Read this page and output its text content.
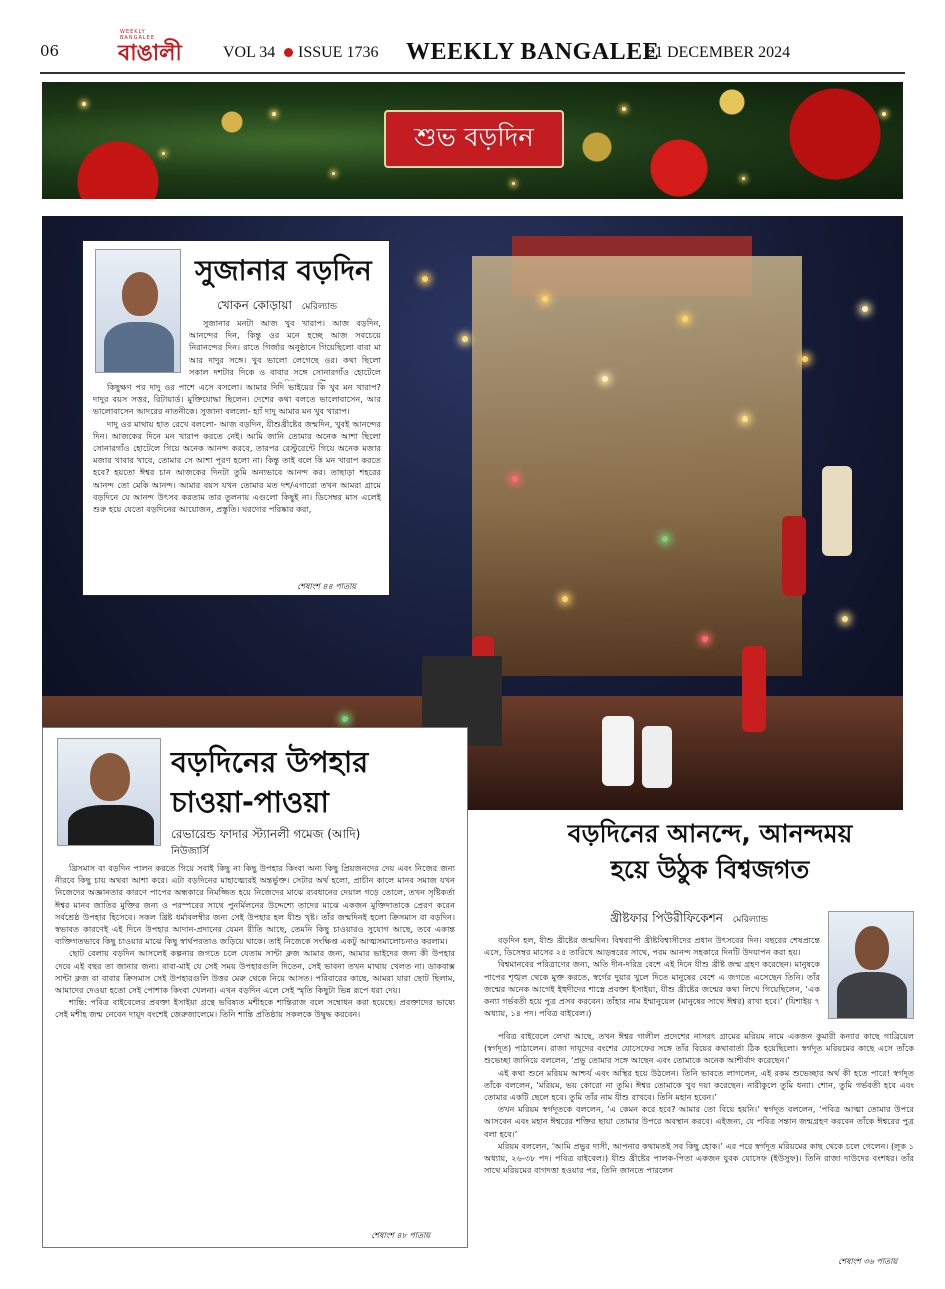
06
WEEKLY BANGALEE
বাঙালী	VOL 34 ISSUE 1736 WEEKLY BANGALEE
21 DECEMBER 2024
শুভ বড়দিন
সুজানার বড়দিন
খোকন কোড়ায়া মেরিল্যান্ড

সুজানার মনটা আজ খুব খারাপ। আজ বড়দিন, আনন্দের দিন, কিন্তু ওর মনে হচ্ছে আজ সবচেয়ে নিরানন্দের দিন। রাতে গির্জার অনুষ্ঠানে গিয়েছিলো বাবা মা আর দাদুর সঙ্গে। খুব ভালো লেগেছে ওর। কথা ছিলো সকাল দশটার দিকে ও বাবার সঙ্গে সোনারগাঁও হোটেলে

কিছুক্ষণ পর দাদু ওর পাশে এসে বসলো। আমার দিদি ভাইয়ের কি খুব মন খারাপ? দাদুর বয়স সত্তর, রিটায়ার্ড। মুক্তিযোদ্ধা ছিলেন। দেশের কথা বলতে ভালোবাসেন, আর ভালোবাসেন আদরের নাতনীকে। সুজানা বললো- হ্যাঁ দাদু আমার মন খুব খারাপ।

দাদু ওর মাথায় হাত রেখে বললো- আজ বড়দিন, যীশুখ্রীষ্টের জন্মদিন, খুবই আনন্দের দিন। আজকের দিনে মন খারাপ করতে নেই। আমি জানি তোমার অনেক আশা ছিলো সোনারগাঁও হোটেলে গিয়ে অনেক আনন্দ করবে, তারপর রেস্টুরেন্টে গিয়ে অনেক মজার মজার খাবার খাবে, তোমার সে আশা পূরণ হলো না। কিন্তু তাই বলে কি মন খারাপ করতে হবে? হয়তো ঈশ্বর চান আজকের দিনটা তুমি অন্যভাবে আনন্দ কর। তাছাড়া শহরের আনন্দ তো মেকি আনন্দ। আমার বয়স যখন তোমার মত দশ/এগারো তখন আমরা গ্রামে বড়দিনে যে আনন্দ উৎসব করতাম তার তুলনায় এগুলো কিছুই না। ডিসেম্বর মাস এলেই শুরু হয়ে যেতো বড়দিনের আয়োজন, প্রস্তুতি। ঘরদোর পরিষ্কার করা,

শেষাংশ ৪৪ পাতায়
বড়দিনের উপহার
চাওয়া-পাওয়া
রেভারেন্ড ফাদার স্ট্যানলী গমেজ (আদি)
নিউজার্সি

খ্রিসমাস বা বড়দিন পালন করতে গিয়ে সবাই কিছু না কিছু উপহার কিংবা অন্য কিছু প্রিয়জনদের দেয় এবং নিজের জন্য নীরবে কিছু চায় অথবা আশা করে। এটা বড়দিনের মাহাত্ম্যেরই অন্তর্ভুক্ত। সেটার অর্থ হলো, প্রাচীন কালে মানব সমাজ যখন নিজেদের অজ্ঞানতার কারণে পাপের অন্ধকারে নিমজ্জিত হয়ে নিজেদের মাঝে ব্যবধানের দেয়াল গড়ে তোলে, তখন সৃষ্টিকর্তা ঈশ্বর মানব জাতির মুক্তির জন্য ও পরস্পরের সাথে পুনর্মিলনের উদ্দেশ্যে তাদের মাঝে একজন মুক্তিদাতাকে প্রেরণ করেন সর্বশ্রেষ্ঠ উপহার হিসেবে। সকল খ্রিষ্ট ধর্মাবলম্বীর জন্য সেই উপহার হল যীশু খৃষ্ট। তাঁর জন্মদিনই হলো ক্রিসমাস বা বড়দিন। স্বভাবত কারণেই এই দিনে উপহার আদান-প্রদানের যেমন রীতি আছে, তেমনি কিছু চাওয়ারও সুযোগ আছে, তবে একান্ত ব্যক্তিগতভাবে কিছু চাওয়ার মাঝে কিছু স্বার্থপরতাও জড়িয়ে থাকে। তাই নিজেকে সংক্ষিপ্ত একটু আত্মসমালোচনাও করলাম।

ছোট বেলায় বড়দিন আসলেই কল্পনার জগতে চলে যেতাম সান্টা ক্লজ আমার জন্য, আমার ভাইদের জন্য কী উপহার দেবে এই বছর তা জানার জন্য। বাবা-মাই যে সেই সময় উপহারগুলি দিতেন, সেই ভাবনা তখন মাথায় খেলত না। ডাকবাক্স সান্টা ক্লজ বা বাবার ক্রিসমাস সেই উপহারগুলি উত্তর মেরু থেকে নিয়ে আসত। পরিবারের কাছে, আমরা যারা ছোট ছিলাম, আমাদের দেওয়া হতো সেই পোশাক কিংবা খেলনা। এখন বড়দিন এলে সেই স্মৃতি কিছুটা ভিন্ন রূপে ধরা দেয়।

শান্তি: পবিত্র বাইবেলের প্রবক্তা ইসাইয়া গ্রন্থে ভবিষ্যত মশীহকে শান্তিরাজ বলে সম্বোধন করা হয়েছে। প্রবক্তাদের ভাষ্যে সেই মশীহ জন্ম নেবেন দায়ূদ বংশেই জেরুজালেমে। তিনি শান্তি প্রতিষ্ঠায় সকলকে উদ্বুদ্ধ করবেন।

শেষাংশ ৪৮ পাতায়
বড়দিনের আনন্দে, আনন্দময়
হয়ে উঠুক বিশ্বজগত
খ্রীষ্টফার পিউরীফিকেশন মেরিল্যান্ড

বড়দিন হল, যীশু খ্রীষ্টের জন্মদিন। বিশ্বব্যাপী খ্রীষ্টবিশ্বাসীদের প্রধান উৎসবের দিন। বছরের শেষপ্রান্তে এসে, ডিসেম্বর মাসের ২৫ তারিখে আড়ম্বরের সাথে, পরম আনন্দ সহকারে দিনটি উদযাপন করা হয়।

বিশ্বমানবের পরিত্রাণের জন্য, অতি দীন-দরিদ্র বেশে এই দিনে যীশু খ্রীষ্ট জন্ম গ্রহণ করেছেন। মানুষকে পাপের শৃঙ্খল থেকে মুক্ত করতে, স্বর্গের দুয়ার খুলে দিতে মানুষের বেশে এ জগতে এসেছেন তিনি। তাঁর জন্মের অনেক আগেই ইহুদীদের শাস্ত্রে প্রবক্তা ইসাইয়া, যীশু খ্রীষ্টের জন্মের কথা লিখে গিয়েছিলেন, ‘এক কন্যা গর্ভবতী হয়ে পুত্র প্রসব করবেন। তাঁহার নাম ইম্মানুয়েল (মানুষের সাথে ঈশ্বর) রাখা হবে।’ (যিশাইয় ৭ অধ্যায়, ১৪ পদ। পবিত্র বাইবেল।)

পবিত্র বাইবেলে লেখা আছে, তখন ঈশ্বর গালীল প্রদেশের নাসরৎ গ্রামের মরিয়ম নামে একজন কুমারী কন্যার কাছে গাব্রিয়েল (স্বর্গদূত) পাঠালেন। রাজা দাযূদের বংশের যোসেফের সঙ্গে তাঁর বিয়ের কথাবার্তা ঠিক হয়েছিলো। স্বর্গদূত মরিয়মের কাছে এসে তাঁকে শুভেচ্ছা জানিয়ে বললেন, ‘প্রভু তোমার সঙ্গে আছেন এবং তোমাকে অনেক আশীর্বাদ করেছেন।’

এই কথা শুনে মরিয়ম আশ্চর্য এবং অস্থির হয়ে উঠলেন। তিনি ভাবতে লাগলেন, এই রকম শুভেচ্ছার অর্থ কী হতে পারে! স্বর্গদূত তাঁকে বললেন, ‘মরিয়ম, ভয় কোরো না তুমি। ঈশ্বর তোমাকে খুব দয়া করেছেন। নারীকুলে তুমি ধন্যা। শোন, তুমি গর্ভবতী হবে এবং তোমার একটি ছেলে হবে। তুমি তাঁর নাম যীশু রাখবে। তিনি মহান হবেন।’

তখন মরিয়ম স্বর্গদূতকে বললেন, ‘এ কেমন করে হবে? আমার তো বিয়ে হয়নি।’ স্বর্গদূত বললেন, ‘পবিত্র আত্মা তোমার উপরে আসবেন এবং মহান ঈশ্বরের শক্তির ছায়া তোমার উপরে অবস্থান করবে। এইজন্য, যে পবিত্র সন্তান জন্মগ্রহণ করবেন তাঁকে ঈশ্বরের পুত্র বলা হবে।’

মরিয়ম বললেন, ‘আমি প্রভুর দাসী, আপনার কথামতই সব কিছু হোক।’ এর পরে স্বর্গদূত মরিয়মের কাছ থেকে চলে গেলেন। (লূক ১ অধ্যায়, ২৬-৩৮ পদ। পবিত্র বাইবেল।) যীশু খ্রীষ্টের পালক-পিতা একজন যুবক যোসেফ (ইউসুফ)। তিনি রাজা দাউদের বংশধর। তাঁর সাথে মরিয়মের বাগদত্তা হওয়ার পর, তিনি জানতে পারলেন

শেষাংশ ৩৬ পাতায়
